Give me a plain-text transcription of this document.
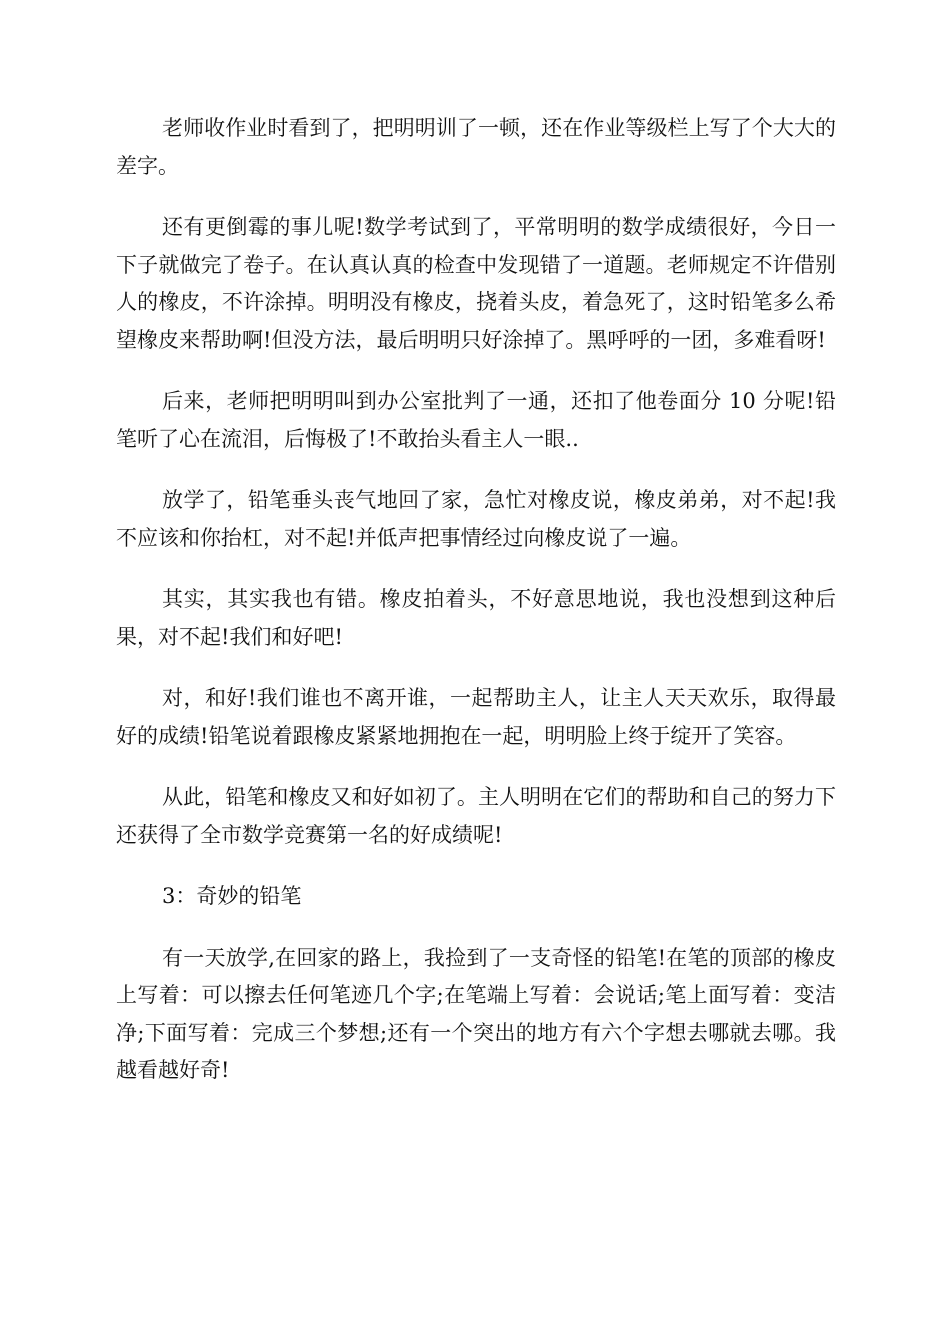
老师收作业时看到了，把明明训了一顿，还在作业等级栏上写了个大大的差字。

还有更倒霉的事儿呢!数学考试到了，平常明明的数学成绩很好，今日一下子就做完了卷子。在认真认真的检查中发现错了一道题。老师规定不许借别人的橡皮，不许涂掉。明明没有橡皮，挠着头皮，着急死了，这时铅笔多么希望橡皮来帮助啊!但没方法，最后明明只好涂掉了。黑呼呼的一团，多难看呀!

后来，老师把明明叫到办公室批判了一通，还扣了他卷面分 10 分呢!铅笔听了心在流泪，后悔极了!不敢抬头看主人一眼..

放学了，铅笔垂头丧气地回了家，急忙对橡皮说，橡皮弟弟，对不起!我不应该和你抬杠，对不起!并低声把事情经过向橡皮说了一遍。

其实，其实我也有错。橡皮拍着头，不好意思地说，我也没想到这种后果，对不起!我们和好吧!

对，和好!我们谁也不离开谁，一起帮助主人，让主人天天欢乐，取得最好的成绩!铅笔说着跟橡皮紧紧地拥抱在一起，明明脸上终于绽开了笑容。

从此，铅笔和橡皮又和好如初了。主人明明在它们的帮助和自己的努力下还获得了全市数学竞赛第一名的好成绩呢!

3：奇妙的铅笔

有一天放学,在回家的路上，我捡到了一支奇怪的铅笔!在笔的顶部的橡皮上写着：可以擦去任何笔迹几个字;在笔端上写着：会说话;笔上面写着：变洁净;下面写着：完成三个梦想;还有一个突出的地方有六个字想去哪就去哪。我越看越好奇!
